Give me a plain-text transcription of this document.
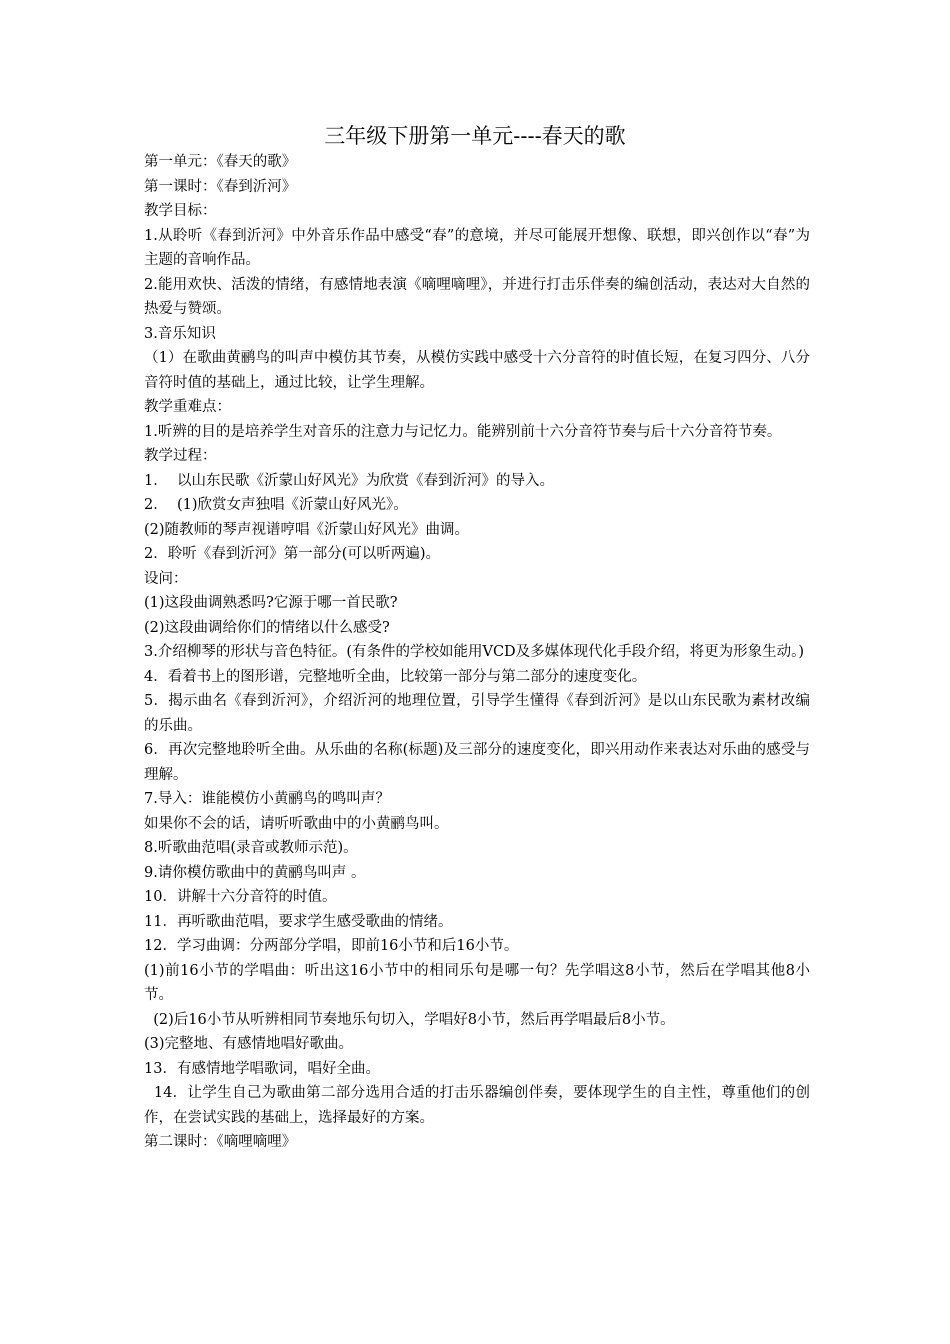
三年级下册第一单元----春天的歌

第一单元：《春天的歌》

第一课时：《春到沂河》

教学目标：

1.从聆听《春到沂河》中外音乐作品中感受“春”的意境，并尽可能展开想像、联想，即兴创作以“春”为主题的音响作品。

2.能用欢快、活泼的情绪，有感情地表演《嘀哩嘀哩》，并进行打击乐伴奏的编创活动，表达对大自然的热爱与赞颂。

3.音乐知识

（1）在歌曲黄鹂鸟的叫声中模仿其节奏，从模仿实践中感受十六分音符的时值长短，在复习四分、八分音符时值的基础上，通过比较，让学生理解。

教学重难点：

1.听辨的目的是培养学生对音乐的注意力与记忆力。能辨别前十六分音符节奏与后十六分音符节奏。

教学过程：

1．  以山东民歌《沂蒙山好风光》为欣赏《春到沂河》的导入。

2．  (1)欣赏女声独唱《沂蒙山好风光》。

(2)随教师的琴声视谱哼唱《沂蒙山好风光》曲调。

2．聆听《春到沂河》第一部分(可以听两遍)。

设问：

(1)这段曲调熟悉吗?它源于哪一首民歌?

(2)这段曲调给你们的情绪以什么感受?

3.介绍柳琴的形状与音色特征。(有条件的学校如能用VCD及多媒体现代化手段介绍，将更为形象生动。)

4．看着书上的图形谱，完整地听全曲，比较第一部分与第二部分的速度变化。

5．揭示曲名《春到沂河》，介绍沂河的地理位置，引导学生懂得《春到沂河》是以山东民歌为素材改编的乐曲。

6．再次完整地聆听全曲。从乐曲的名称(标题)及三部分的速度变化，即兴用动作来表达对乐曲的感受与理解。

7.导入：谁能模仿小黄鹂鸟的鸣叫声？

如果你不会的话，请听听歌曲中的小黄鹂鸟叫。

8.听歌曲范唱(录音或教师示范)。

9.请你模仿歌曲中的黄鹂鸟叫声 。

10．讲解十六分音符的时值。

11．再听歌曲范唱，要求学生感受歌曲的情绪。

12．学习曲调：分两部分学唱，即前16小节和后16小节。

(1)前16小节的学唱曲：听出这16小节中的相同乐句是哪一句？先学唱这8小节，然后在学唱其他8小节。

(2)后16小节从听辨相同节奏地乐句切入，学唱好8小节，然后再学唱最后8小节。

(3)完整地、有感情地唱好歌曲。

13．有感情地学唱歌词，唱好全曲。

14．让学生自己为歌曲第二部分选用合适的打击乐器编创伴奏，要体现学生的自主性，尊重他们的创作，在尝试实践的基础上，选择最好的方案。

第二课时：《嘀哩嘀哩》
